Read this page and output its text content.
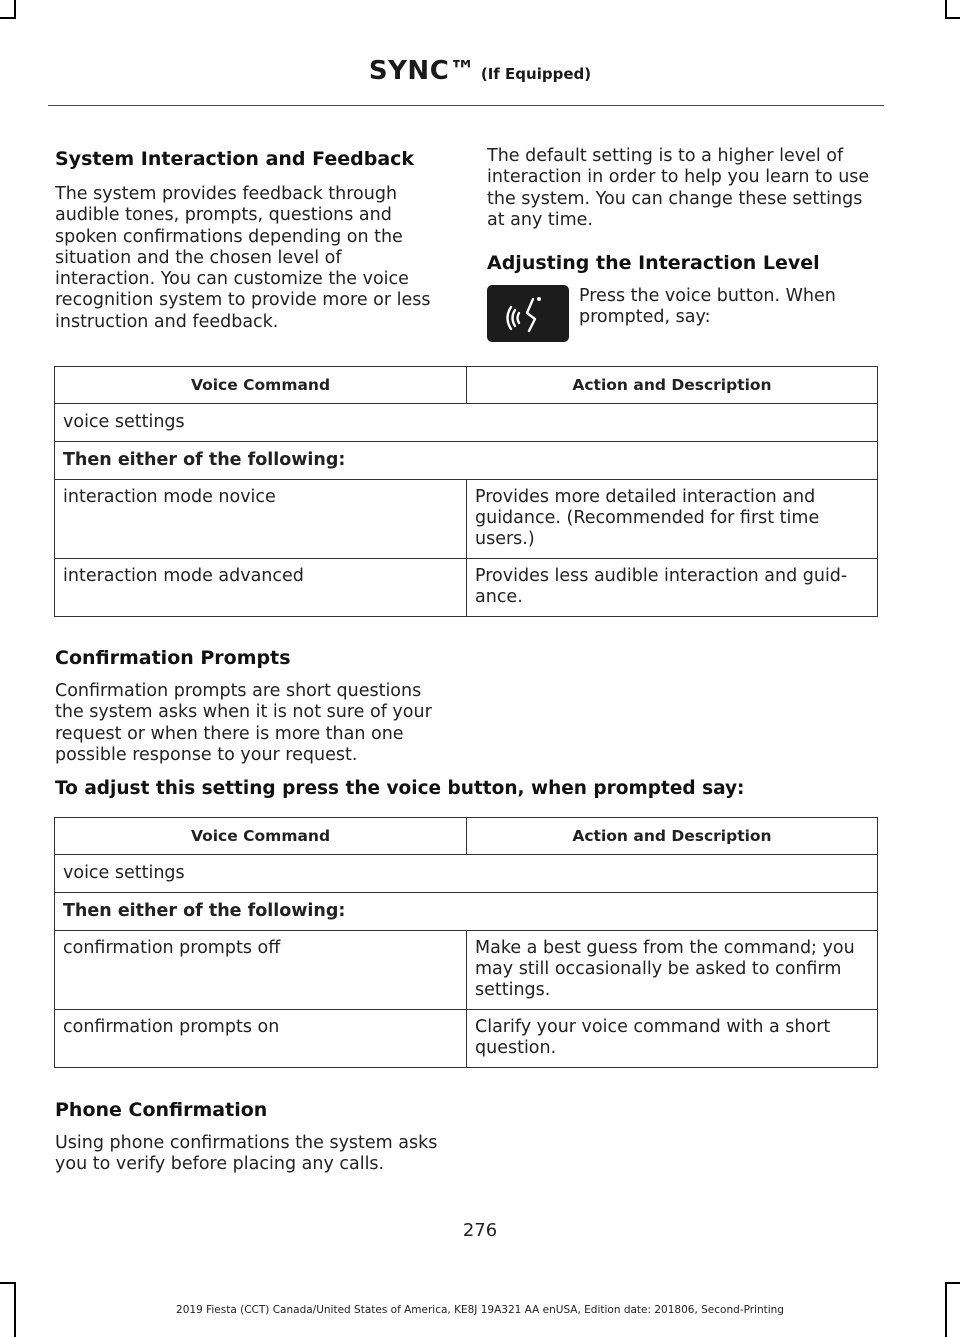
SYNC™ (If Equipped)
System Interaction and Feedback

The system provides feedback through audible tones, prompts, questions and spoken confirmations depending on the situation and the chosen level of interaction. You can customize the voice recognition system to provide more or less instruction and feedback.

The default setting is to a higher level of interaction in order to help you learn to use the system. You can change these settings at any time.

Adjusting the Interaction Level

Press the voice button. When prompted, say:

Voice Command	Action and Description
voice settings	
Then either of the following:	
interaction mode novice	Provides more detailed interaction and guidance. (Recommended for first time users.)
interaction mode advanced	Provides less audible interaction and guid-ance.
Confirmation Prompts

Confirmation prompts are short questions the system asks when it is not sure of your request or when there is more than one possible response to your request.

To adjust this setting press the voice button, when prompted say:
Voice Command	Action and Description
voice settings	
Then either of the following:	
confirmation prompts off	Make a best guess from the command; you may still occasionally be asked to confirm settings.
confirmation prompts on	Clarify your voice command with a short question.
Phone Confirmation

Using phone confirmations the system asks you to verify before placing any calls.

276
2019 Fiesta (CCT) Canada/United States of America, KE8J 19A321 AA enUSA, Edition date: 201806, Second-Printing
